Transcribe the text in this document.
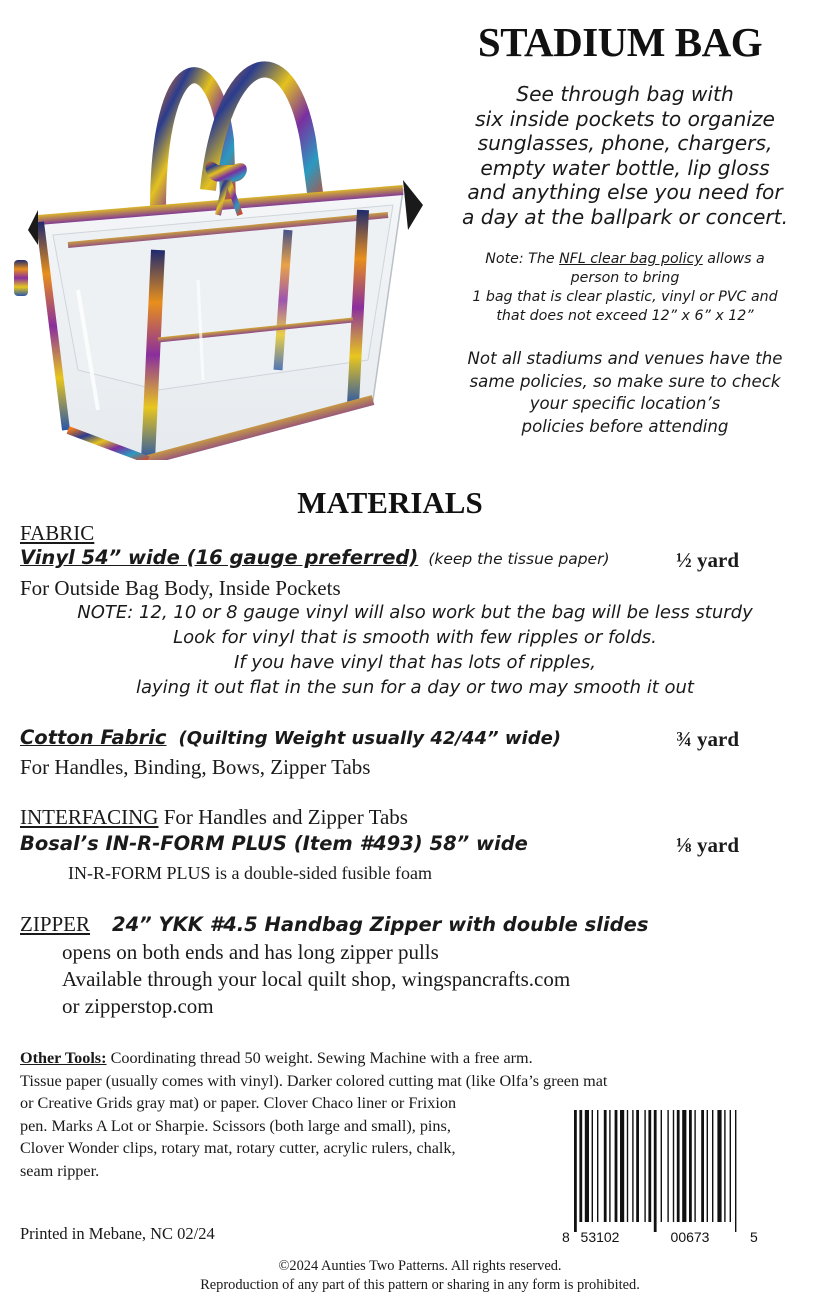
STADIUM BAG
See through bag with
six inside pockets to organize
sunglasses, phone, chargers,
empty water bottle, lip gloss
and anything else you need for
a day at the ballpark or concert.
Note: The NFL clear bag policy allows a
person to bring
1 bag that is clear plastic, vinyl or PVC and
that does not exceed 12” x 6” x 12”
Not all stadiums and venues have the
same policies, so make sure to check
your specific location’s
policies before attending
MATERIALS
FABRIC
Vinyl 54” wide (16 gauge preferred) (keep the tissue paper)	½ yard
For Outside Bag Body, Inside Pockets
NOTE: 12, 10 or 8 gauge vinyl will also work but the bag will be less sturdy
Look for vinyl that is smooth with few ripples or folds.
If you have vinyl that has lots of ripples,
laying it out flat in the sun for a day or two may smooth it out
Cotton Fabric (Quilting Weight usually 42/44” wide)	¾ yard
For Handles, Binding, Bows, Zipper Tabs
INTERFACING For Handles and Zipper Tabs
Bosal’s IN-R-FORM PLUS (Item #493) 58” wide	⅛ yard
IN-R-FORM PLUS is a double-sided fusible foam
ZIPPER 24” YKK #4.5 Handbag Zipper with double slides
opens on both ends and has long zipper pulls
Available through your local quilt shop, wingspancrafts.com
or zipperstop.com
Other Tools: Coordinating thread 50 weight. Sewing Machine with a free arm.
Tissue paper (usually comes with vinyl). Darker colored cutting mat (like Olfa’s green mat
or Creative Grids gray mat) or paper. Clover Chaco liner or Frixion
pen. Marks A Lot or Sharpie. Scissors (both large and small), pins,
Clover Wonder clips, rotary mat, rotary cutter, acrylic rulers, chalk,
seam ripper.
8 53102	00673	5
Printed in Mebane, NC 02/24
©2024 Aunties Two Patterns. All rights reserved.
Reproduction of any part of this pattern or sharing in any form is prohibited.
